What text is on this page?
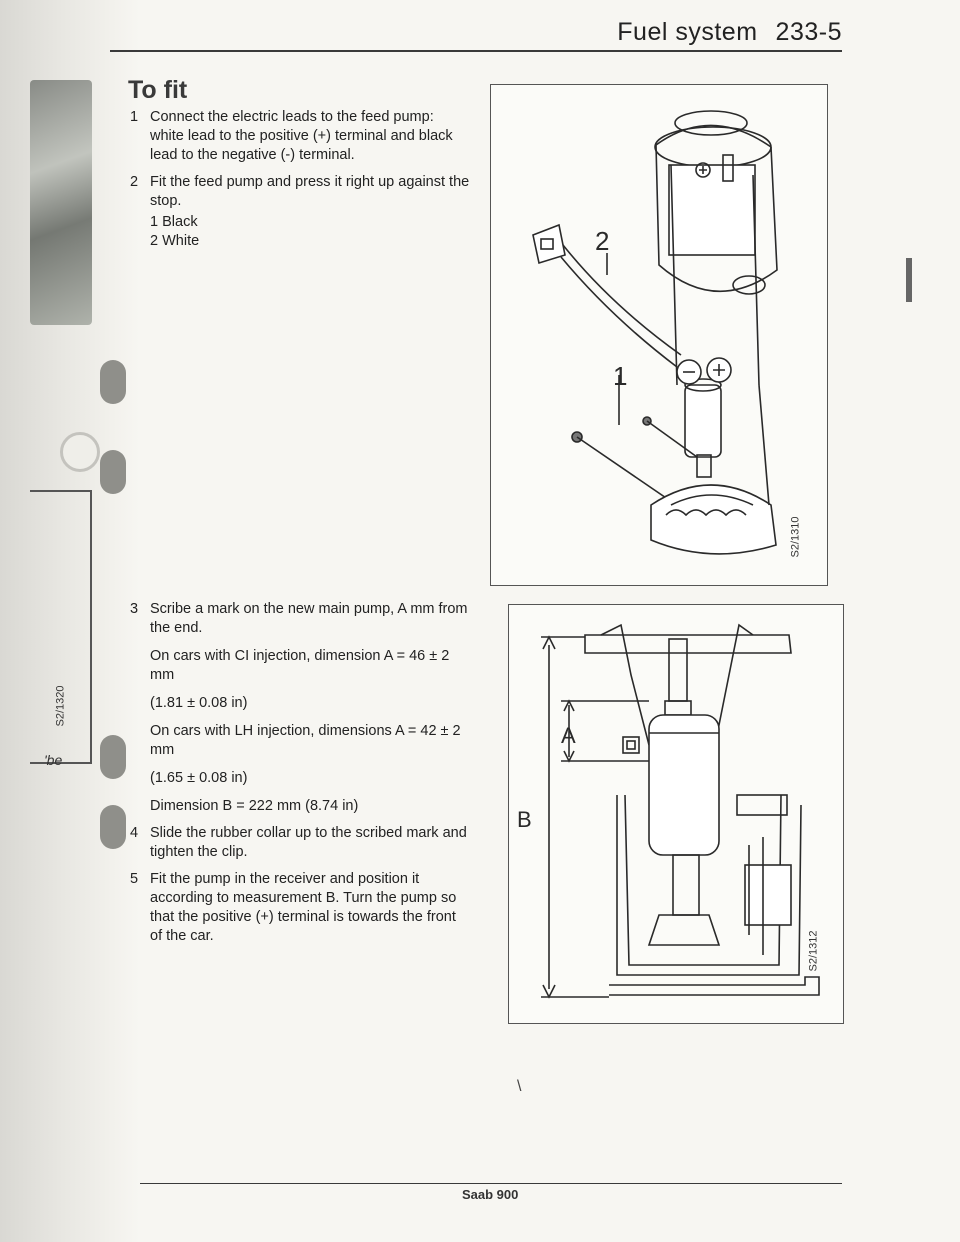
S2/1320
'be
Fuel system 233-5
To fit
1 Connect the electric leads to the feed pump: white lead to the positive (+) terminal and black lead to the negative (-) terminal.
2 Fit the feed pump and press it right up against the stop.
1 Black
2 White
3 Scribe a mark on the new main pump, A mm from the end.
On cars with CI injection, dimension A = 46 ± 2 mm
(1.81 ± 0.08 in)
On cars with LH injection, dimensions A = 42 ± 2 mm
(1.65 ± 0.08 in)
Dimension B = 222 mm (8.74 in)
4 Slide the rubber collar up to the scribed mark and tighten the clip.
5 Fit the pump in the receiver and position it according to measurement B. Turn the pump so that the positive (+) terminal is towards the front of the car.
2
1
S2/1310
A
B
S2/1312
\
Saab 900
